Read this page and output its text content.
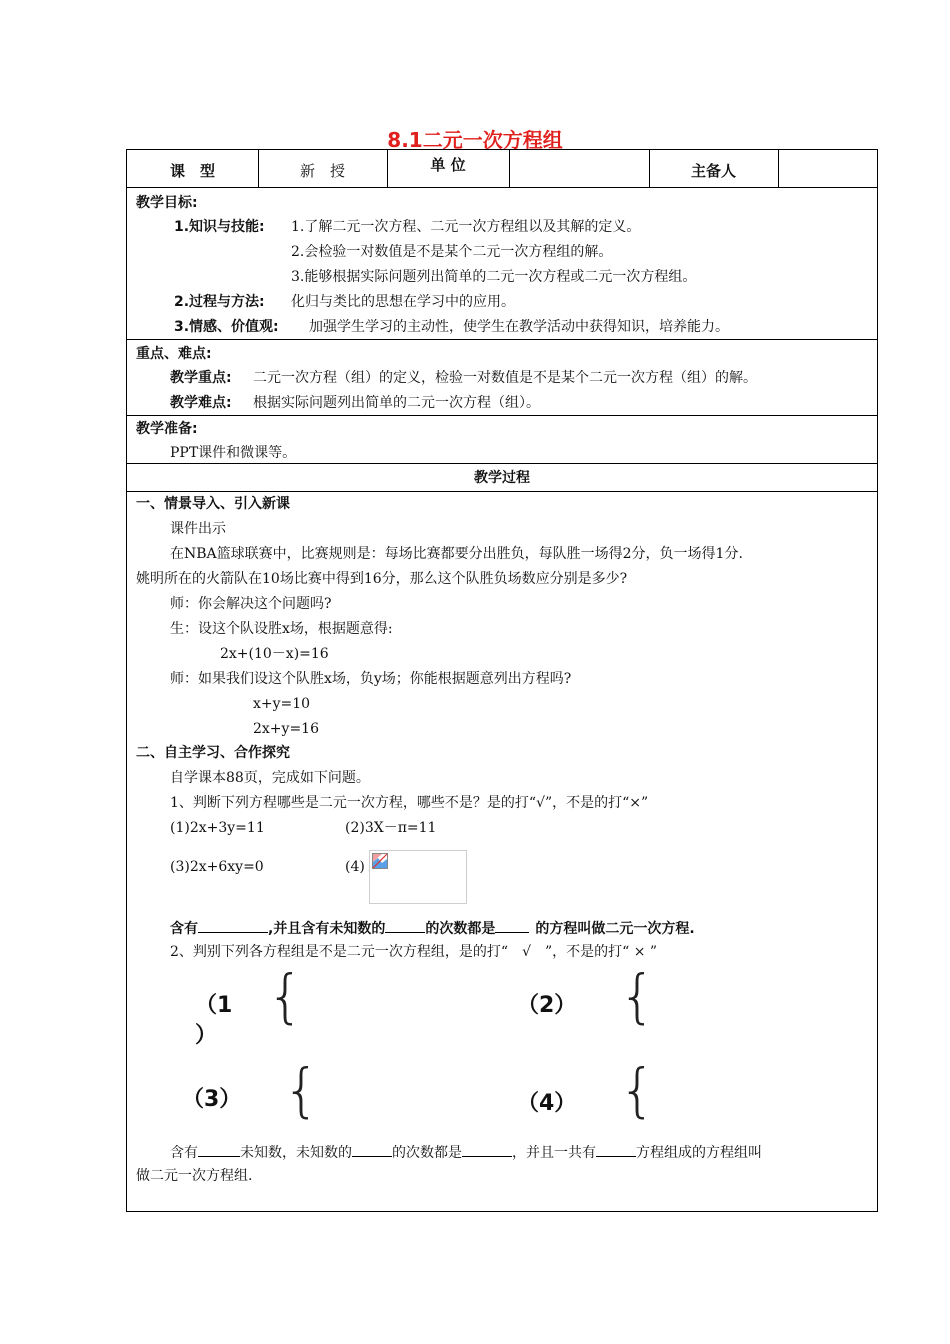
8.1二元一次方程组
课　型	新　授	单 位	主备人
教学目标:
1.知识与技能: 1.了解二元一次方程、二元一次方程组以及其解的定义。
2.会检验一对数值是不是某个二元一次方程组的解。
3.能够根据实际问题列出简单的二元一次方程或二元一次方程组。
2.过程与方法: 化归与类比的思想在学习中的应用。
3.情感、价值观: 加强学生学习的主动性，使学生在教学活动中获得知识，培养能力。
重点、难点:
教学重点: 二元一次方程（组）的定义，检验一对数值是不是某个二元一次方程（组）的解。
教学难点: 根据实际问题列出简单的二元一次方程（组）。
教学准备:
PPT课件和微课等。
教学过程
一、情景导入、引入新课
课件出示
在NBA篮球联赛中，比赛规则是：每场比赛都要分出胜负，每队胜一场得2分，负一场得1分.
姚明所在的火箭队在10场比赛中得到16分，那么这个队胜负场数应分别是多少?
师：你会解决这个问题吗?
生：设这个队设胜x场，根据题意得:
2x+(10－x)=16
师：如果我们设这个队胜x场，负y场；你能根据题意列出方程吗?
x+y=10
2x+y=16
二、自主学习、合作探究
自学课本88页，完成如下问题。
1、判断下列方程哪些是二元一次方程，哪些不是？是的打“√”，不是的打“×”
(1)2x+3y=11	(2)3X－π=11
(3)2x+6xy=0	(4)
含有	,并且含有未知数的	的次数都是	的方程叫做二元一次方程.
2、判别下列各方程组是不是二元一次方程组，是的打“　√　”，不是的打“ × ”
（1
）
{	（2） {
（3） {	（4） {
含有	未知数，未知数的	的次数都是	，并且一共有	方程组成的方程组叫
做二元一次方程组.
